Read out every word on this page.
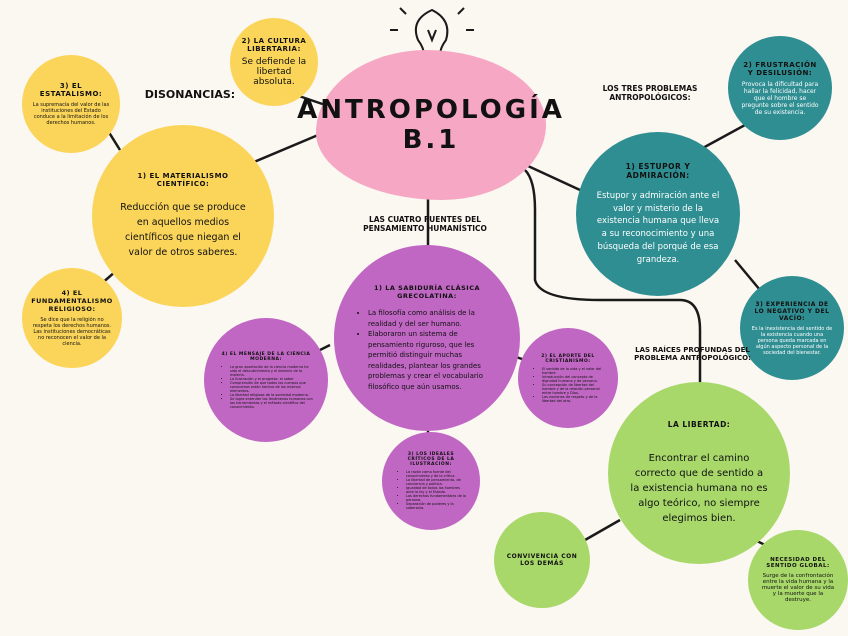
ANTROPOLOGÍA
B.1
DISONANCIAS:
3) EL ESTATALISMO:
La supremacía del valor de las instituciones del Estado conduce a la limitación de los derechos humanos.
2) LA CULTURA LIBERTARIA:
Se defiende la libertad absoluta.
1) EL MATERIALISMO CIENTÍFICO:
Reducción que se produce en aquellos medios científicos que niegan el valor de otros saberes.
4) EL FUNDAMENTALISMO RELIGIOSO:
Se dice que la religión no respeta los derechos humanos. Las instituciones democráticas no reconocen el valor de la ciencia.
LAS CUATRO FUENTES DEL PENSAMIENTO HUMANÍSTICO
1) LA SABIDURÍA CLÁSICA GRECOLATINA:
• La filosofía como análisis de la realidad y del ser humano.
• Elaboraron un sistema de pensamiento riguroso, que les permitió distinguir muchas realidades, plantear los grandes problemas y crear el vocabulario filosófico que aún usamos.
4) EL MENSAJE DE LA CIENCIA MODERNA:
• La gran aportación de la ciencia moderna ha sido el descubrimiento y el dominio de la materia.
• La Ilustración y el progreso: el saber
• Comprensión de que todos los cuerpos que conocemos están hechos de los mismos elementos.
• La libertad religiosa de la sociedad moderna.
• Se logra entender los fenómenos humanos con las herramientas y el método científico del conocimiento.
2) EL APORTE DEL CRISTIANISMO:
• El sentido de la vida y el valor del hombre.
• Introducción del concepto de dignidad humana y de persona.
• Su concepción de libertad del hombre y de la relación personal entre hombre y Dios.
• Las nociones de respeto y de la libertad del otro.
3) LOS IDEALES CRÍTICOS DE LA ILUSTRACIÓN:
• La razón como fuente del conocimiento y de la crítica.
• La libertad de pensamiento, de conciencia y política.
• Igualdad de todos los hombres ante la ley y el Estado.
• Los derechos fundamentales de la persona.
• Separación de poderes y la soberanía.
LOS TRES PROBLEMAS ANTROPOLÓGICOS:
2) FRUSTRACIÓN Y DESILUSIÓN:
Provoca la dificultad para hallar la felicidad, hacer que el hombre se pregunte sobre el sentido de su existencia.
1) ESTUPOR Y ADMIRACIÓN:
Estupor y admiración ante el valor y misterio de la existencia humana que lleva a su reconocimiento y una búsqueda del porqué de esa grandeza.
3) EXPERIENCIA DE LO NEGATIVO Y DEL VACÍO:
Es la inexistencia del sentido de la existencia cuando una persona queda marcada en algún aspecto personal de la sociedad del bienestar.
LAS RAÍCES PROFUNDAS DEL PROBLEMA ANTROPOLÓGICO:
LA LIBERTAD:
Encontrar el camino correcto que de sentido a la existencia humana no es algo teórico, no siempre elegimos bien.
CONVIVENCIA CON LOS DEMÁS	NECESIDAD DEL SENTIDO GLOBAL:
Surge de la confrontación entre la vida humana y la muerte el valor de su vida y la muerte que la destruye.
